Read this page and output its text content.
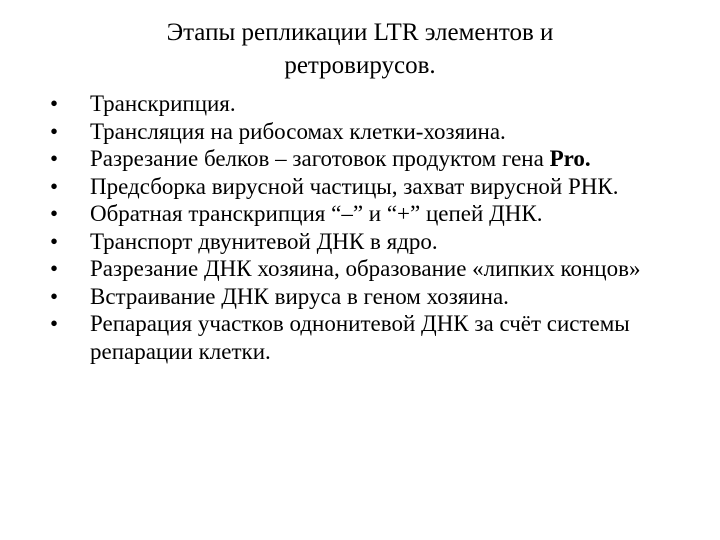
Этапы репликации LTR элементов и
ретровирусов.
•	Транскрипция.
•	Трансляция на рибосомах клетки-хозяина.
•	Разрезание белков – заготовок продуктом гена Pro.
•	Предсборка вирусной частицы, захват вирусной РНК.
•	Обратная транскрипция “–” и “+” цепей ДНК.
•	Транспорт двунитевой ДНК в ядро.
•	Разрезание ДНК хозяина, образование «липких концов»
•	Встраивание ДНК вируса в геном хозяина.
•	Репарация участков однонитевой ДНК за счёт системы репарации клетки.
